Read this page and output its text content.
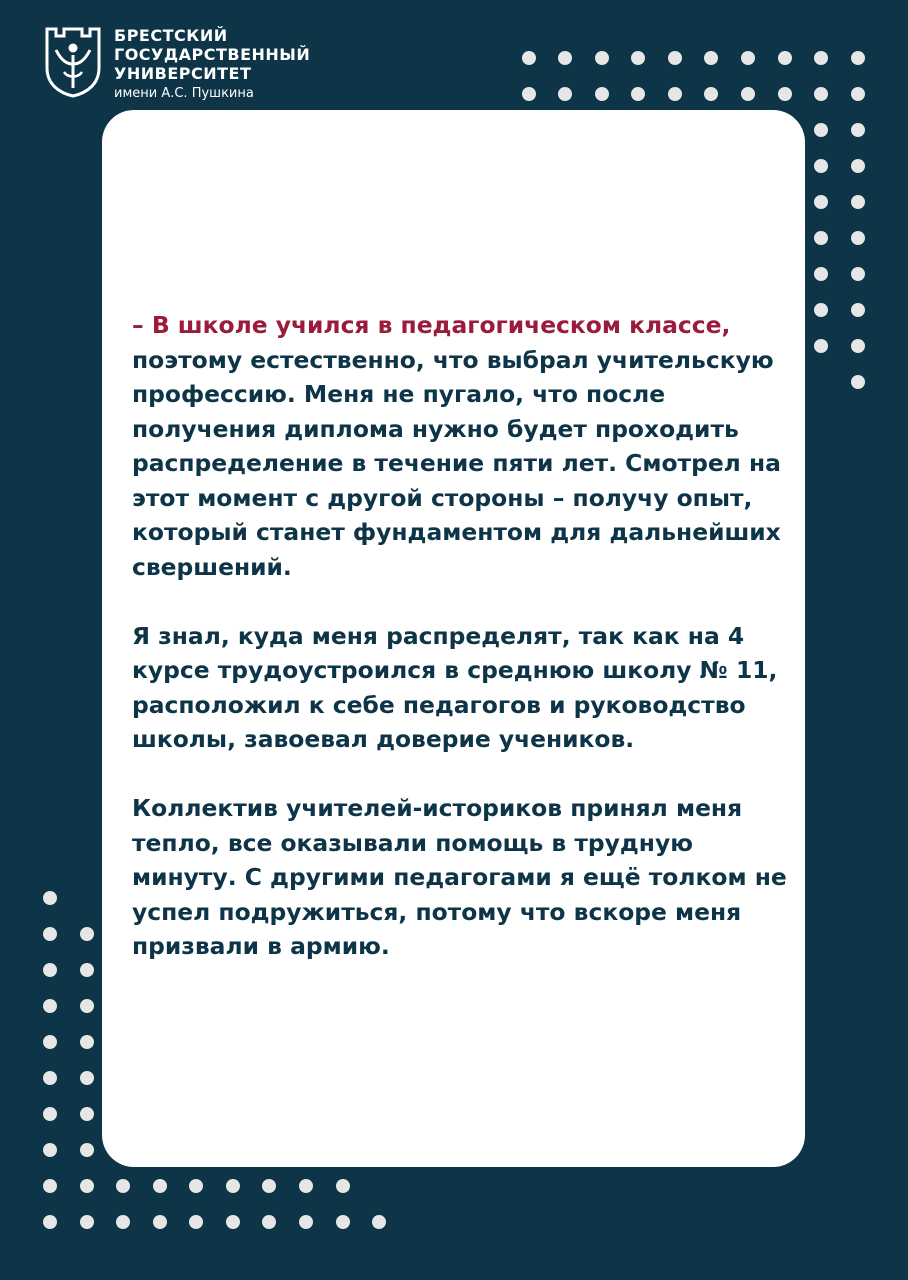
БРЕСТСКИЙ
ГОСУДАРСТВЕННЫЙ
УНИВЕРСИТЕТ
имени А.С. Пушкина

– В школе учился в педагогическом классе, поэтому естественно, что выбрал учительскую профессию. Меня не пугало, что после получения диплома нужно будет проходить распределение в течение пяти лет. Смотрел на этот момент с другой стороны – получу опыт, который станет фундаментом для дальнейших свершений.

Я знал, куда меня распределят, так как на 4 курсе трудоустроился в среднюю школу № 11, расположил к себе педагогов и руководство школы, завоевал доверие учеников.

Коллектив учителей-историков принял меня тепло, все оказывали помощь в трудную минуту. С другими педагогами я ещё толком не успел подружиться, потому что вскоре меня призвали в армию.
